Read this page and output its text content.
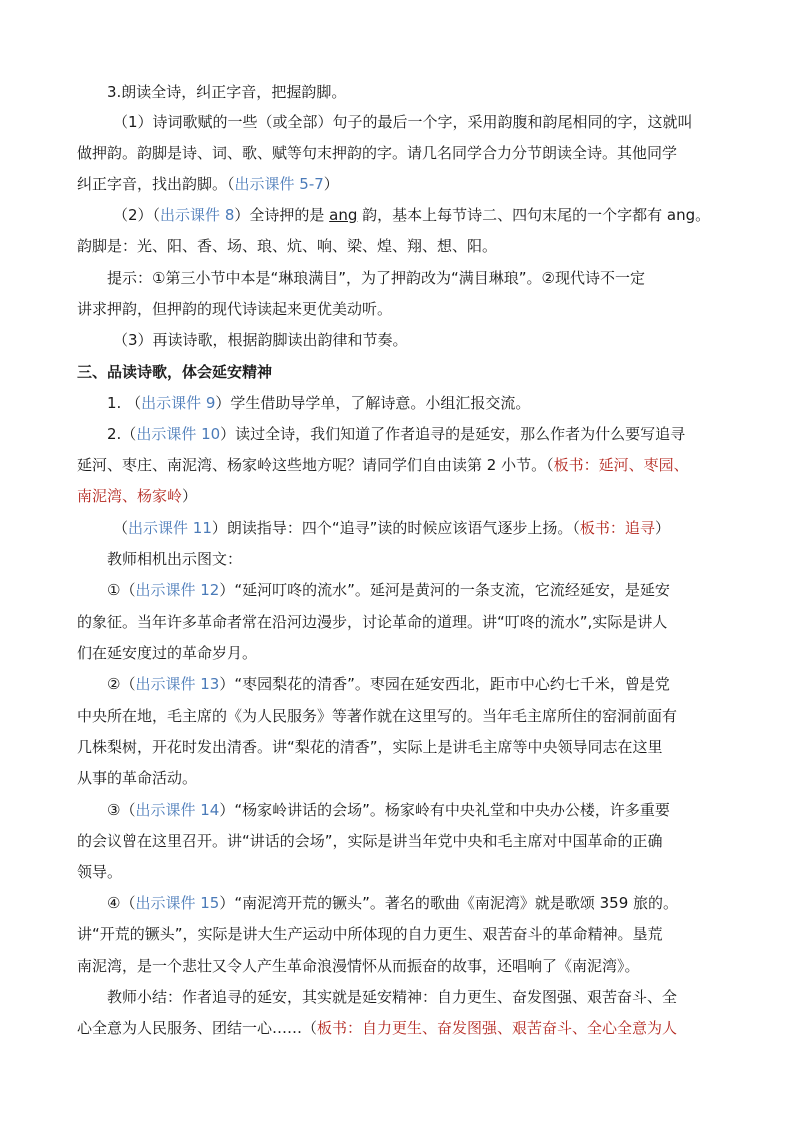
3.朗读全诗，纠正字音，把握韵脚。
（1）诗词歌赋的一些（或全部）句子的最后一个字，采用韵腹和韵尾相同的字，这就叫
做押韵。韵脚是诗、词、歌、赋等句末押韵的字。请几名同学合力分节朗读全诗。其他同学
纠正字音，找出韵脚。（出示课件 5-7）
（2）（出示课件 8）全诗押的是 ang 韵，基本上每节诗二、四句末尾的一个字都有 ang。
韵脚是：光、阳、香、场、琅、炕、响、梁、煌、翔、想、阳。
提示：①第三小节中本是“琳琅满目”，为了押韵改为“满目琳琅”。②现代诗不一定
讲求押韵，但押韵的现代诗读起来更优美动听。
（3）再读诗歌，根据韵脚读出韵律和节奏。
三、品读诗歌，体会延安精神
1. （出示课件 9）学生借助导学单，了解诗意。小组汇报交流。
2.（出示课件 10）读过全诗，我们知道了作者追寻的是延安，那么作者为什么要写追寻
延河、枣庄、南泥湾、杨家岭这些地方呢？请同学们自由读第 2 小节。（板书：延河、枣园、
南泥湾、杨家岭）
（出示课件 11）朗读指导：四个“追寻”读的时候应该语气逐步上扬。（板书：追寻）
教师相机出示图文：
①（出示课件 12）“延河叮咚的流水”。延河是黄河的一条支流，它流经延安，是延安
的象征。当年许多革命者常在沿河边漫步，讨论革命的道理。讲“叮咚的流水”,实际是讲人
们在延安度过的革命岁月。
②（出示课件 13）“枣园梨花的清香”。枣园在延安西北，距市中心约七千米，曾是党
中央所在地，毛主席的《为人民服务》等著作就在这里写的。当年毛主席所住的窑洞前面有
几株梨树，开花时发出清香。讲“梨花的清香”，实际上是讲毛主席等中央领导同志在这里
从事的革命活动。
③（出示课件 14）“杨家岭讲话的会场”。杨家岭有中央礼堂和中央办公楼，许多重要
的会议曾在这里召开。讲“讲话的会场”，实际是讲当年党中央和毛主席对中国革命的正确
领导。
④（出示课件 15）“南泥湾开荒的镢头”。著名的歌曲《南泥湾》就是歌颂 359 旅的。
讲“开荒的镢头”，实际是讲大生产运动中所体现的自力更生、艰苦奋斗的革命精神。垦荒
南泥湾，是一个悲壮又令人产生革命浪漫情怀从而振奋的故事，还唱响了《南泥湾》。
教师小结：作者追寻的延安，其实就是延安精神：自力更生、奋发图强、艰苦奋斗、全
心全意为人民服务、团结一心……（板书：自力更生、奋发图强、艰苦奋斗、全心全意为人
